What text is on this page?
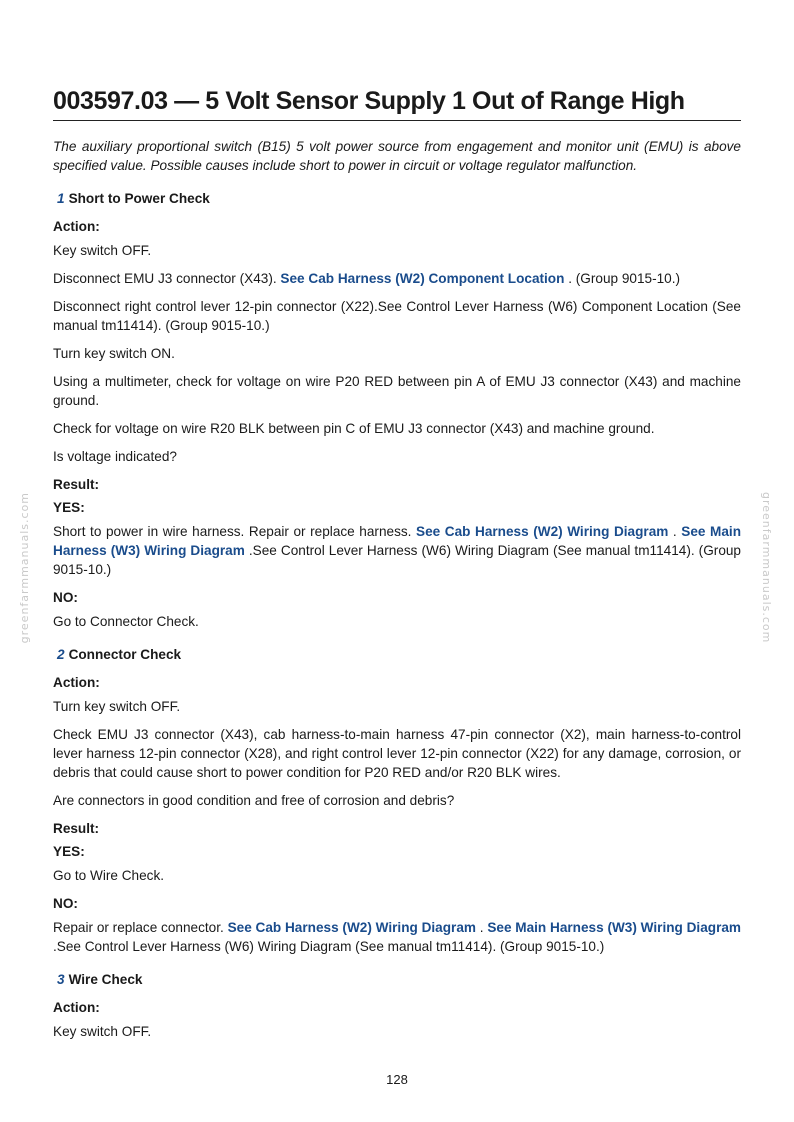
greenfarmmanuals.com	greenfarmmanuals.com
003597.03 — 5 Volt Sensor Supply 1 Out of Range High

The auxiliary proportional switch (B15) 5 volt power source from engagement and monitor unit (EMU) is above specified value. Possible causes include short to power in circuit or voltage regulator malfunction.

1 Short to Power Check
Action:

Key switch OFF.

Disconnect EMU J3 connector (X43). See Cab Harness (W2) Component Location . (Group 9015-10.)

Disconnect right control lever 12-pin connector (X22).See Control Lever Harness (W6) Component Location (See manual tm11414). (Group 9015-10.)

Turn key switch ON.

Using a multimeter, check for voltage on wire P20 RED between pin A of EMU J3 connector (X43) and machine ground.

Check for voltage on wire R20 BLK between pin C of EMU J3 connector (X43) and machine ground.

Is voltage indicated?

Result:
YES:

Short to power in wire harness. Repair or replace harness. See Cab Harness (W2) Wiring Diagram . See Main Harness (W3) Wiring Diagram .See Control Lever Harness (W6) Wiring Diagram (See manual tm11414). (Group 9015-10.)

NO:

Go to Connector Check.

2 Connector Check
Action:

Turn key switch OFF.

Check EMU J3 connector (X43), cab harness-to-main harness 47-pin connector (X2), main harness-to-control lever harness 12-pin connector (X28), and right control lever 12-pin connector (X22) for any damage, corrosion, or debris that could cause short to power condition for P20 RED and/or R20 BLK wires.

Are connectors in good condition and free of corrosion and debris?

Result:
YES:

Go to Wire Check.

NO:

Repair or replace connector. See Cab Harness (W2) Wiring Diagram . See Main Harness (W3) Wiring Diagram .See Control Lever Harness (W6) Wiring Diagram (See manual tm11414). (Group 9015-10.)

3 Wire Check
Action:

Key switch OFF.

128
